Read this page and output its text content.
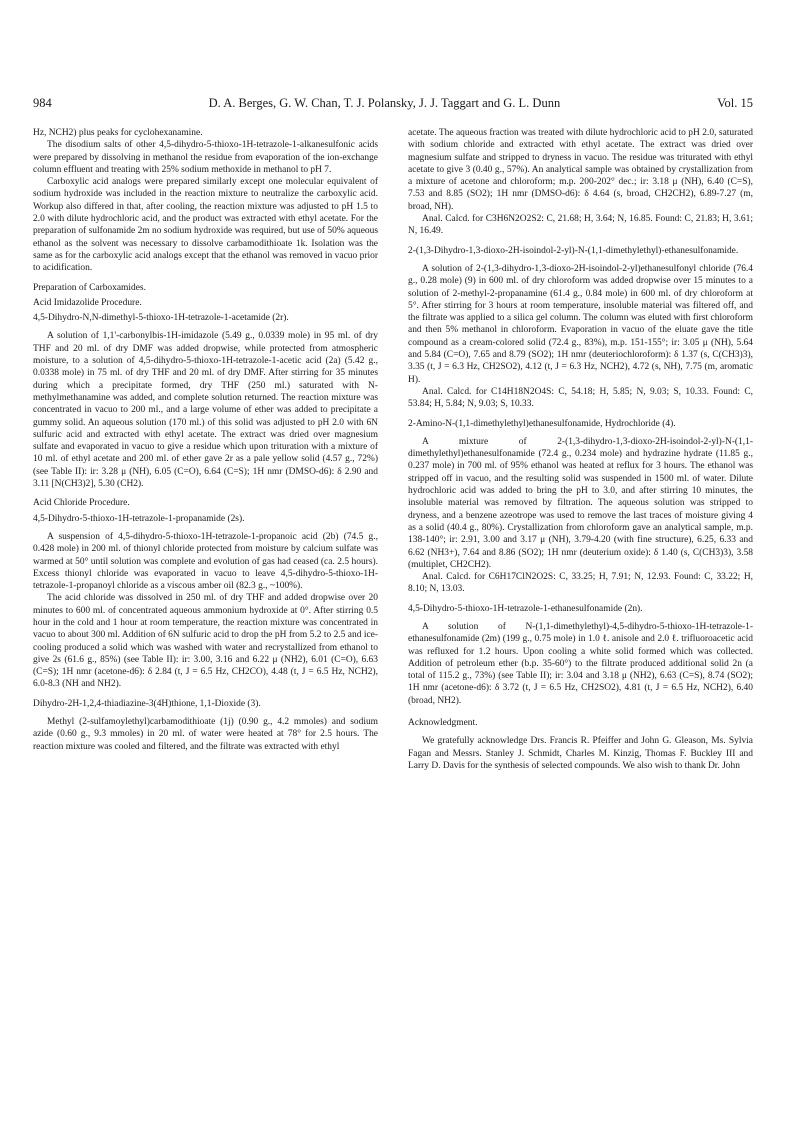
984	D. A. Berges, G. W. Chan, T. J. Polansky, J. J. Taggart and G. L. Dunn	Vol. 15

Hz, NCH2) plus peaks for cyclohexanamine.

The disodium salts of other 4,5-dihydro-5-thioxo-1H-tetrazole-1-alkanesulfonic acids were prepared by dissolving in methanol the residue from evaporation of the ion-exchange column effluent and treating with 25% sodium methoxide in methanol to pH 7.

Carboxylic acid analogs were prepared similarly except one molecular equivalent of sodium hydroxide was included in the reaction mixture to neutralize the carboxylic acid. Workup also differed in that, after cooling, the reaction mixture was adjusted to pH 1.5 to 2.0 with dilute hydrochloric acid, and the product was extracted with ethyl acetate. For the preparation of sulfonamide 2m no sodium hydroxide was required, but use of 50% aqueous ethanol as the solvent was necessary to dissolve carbamodithioate 1k. Isolation was the same as for the carboxylic acid analogs except that the ethanol was removed in vacuo prior to acidification.

Preparation of Carboxamides.

Acid Imidazolide Procedure.

4,5-Dihydro-N,N-dimethyl-5-thioxo-1H-tetrazole-1-acetamide (2r).

A solution of 1,1'-carbonylbis-1H-imidazole (5.49 g., 0.0339 mole) in 95 ml. of dry THF and 20 ml. of dry DMF was added dropwise, while protected from atmospheric moisture, to a solution of 4,5-dihydro-5-thioxo-1H-tetrazole-1-acetic acid (2a) (5.42 g., 0.0338 mole) in 75 ml. of dry THF and 20 ml. of dry DMF. After stirring for 35 minutes during which a precipitate formed, dry THF (250 ml.) saturated with N-methylmethanamine was added, and complete solution returned. The reaction mixture was concentrated in vacuo to 200 ml., and a large volume of ether was added to precipitate a gummy solid. An aqueous solution (170 ml.) of this solid was adjusted to pH 2.0 with 6N sulfuric acid and extracted with ethyl acetate. The extract was dried over magnesium sulfate and evaporated in vacuo to give a residue which upon trituration with a mixture of 10 ml. of ethyl acetate and 200 ml. of ether gave 2r as a pale yellow solid (4.57 g., 72%) (see Table II): ir: 3.28 μ (NH), 6.05 (C=O), 6.64 (C=S); 1H nmr (DMSO-d6): δ 2.90 and 3.11 [N(CH3)2], 5.30 (CH2).

Acid Chloride Procedure.

4,5-Dihydro-5-thioxo-1H-tetrazole-1-propanamide (2s).

A suspension of 4,5-dihydro-5-thioxo-1H-tetrazole-1-propanoic acid (2b) (74.5 g., 0.428 mole) in 200 ml. of thionyl chloride protected from moisture by calcium sulfate was warmed at 50° until solution was complete and evolution of gas had ceased (ca. 2.5 hours). Excess thionyl chloride was evaporated in vacuo to leave 4,5-dihydro-5-thioxo-1H-tetrazole-1-propanoyl chloride as a viscous amber oil (82.3 g., ~100%).

The acid chloride was dissolved in 250 ml. of dry THF and added dropwise over 20 minutes to 600 ml. of concentrated aqueous ammonium hydroxide at 0°. After stirring 0.5 hour in the cold and 1 hour at room temperature, the reaction mixture was concentrated in vacuo to about 300 ml. Addition of 6N sulfuric acid to drop the pH from 5.2 to 2.5 and ice-cooling produced a solid which was washed with water and recrystallized from ethanol to give 2s (61.6 g., 85%) (see Table II): ir: 3.00, 3.16 and 6.22 μ (NH2), 6.01 (C=O), 6.63 (C=S); 1H nmr (acetone-d6): δ 2.84 (t, J = 6.5 Hz, CH2CO), 4.48 (t, J = 6.5 Hz, NCH2), 6.0-8.3 (NH and NH2).

Dihydro-2H-1,2,4-thiadiazine-3(4H)thione, 1,1-Dioxide (3).

Methyl (2-sulfamoylethyl)carbamodithioate (1j) (0.90 g., 4.2 mmoles) and sodium azide (0.60 g., 9.3 mmoles) in 20 ml. of water were heated at 78° for 2.5 hours. The reaction mixture was cooled and filtered, and the filtrate was extracted with ethyl

acetate. The aqueous fraction was treated with dilute hydrochloric acid to pH 2.0, saturated with sodium chloride and extracted with ethyl acetate. The extract was dried over magnesium sulfate and stripped to dryness in vacuo. The residue was triturated with ethyl acetate to give 3 (0.40 g., 57%). An analytical sample was obtained by crystallization from a mixture of acetone and chloroform; m.p. 200-202° dec.; ir: 3.18 μ (NH), 6.40 (C=S), 7.53 and 8.85 (SO2); 1H nmr (DMSO-d6): δ 4.64 (s, broad, CH2CH2), 6.89-7.27 (m, broad, NH).

Anal. Calcd. for C3H6N2O2S2: C, 21.68; H, 3.64; N, 16.85. Found: C, 21.83; H, 3.61; N, 16.49.

2-(1,3-Dihydro-1,3-dioxo-2H-isoindol-2-yl)-N-(1,1-dimethylethyl)-ethanesulfonamide.

A solution of 2-(1,3-dihydro-1,3-dioxo-2H-isoindol-2-yl)ethanesulfonyl chloride (76.4 g., 0.28 mole) (9) in 600 ml. of dry chloroform was added dropwise over 15 minutes to a solution of 2-methyl-2-propanamine (61.4 g., 0.84 mole) in 600 ml. of dry chloroform at 5°. After stirring for 3 hours at room temperature, insoluble material was filtered off, and the filtrate was applied to a silica gel column. The column was eluted with first chloroform and then 5% methanol in chloroform. Evaporation in vacuo of the eluate gave the title compound as a cream-colored solid (72.4 g., 83%), m.p. 151-155°; ir: 3.05 μ (NH), 5.64 and 5.84 (C=O), 7.65 and 8.79 (SO2); 1H nmr (deuteriochloroform): δ 1.37 (s, C(CH3)3), 3.35 (t, J = 6.3 Hz, CH2SO2), 4.12 (t, J = 6.3 Hz, NCH2), 4.72 (s, NH), 7.75 (m, aromatic H).

Anal. Calcd. for C14H18N2O4S: C, 54.18; H, 5.85; N, 9.03; S, 10.33. Found: C, 53.84; H, 5.84; N, 9.03; S, 10.33.

2-Amino-N-(1,1-dimethylethyl)ethanesulfonamide, Hydrochloride (4).

A mixture of 2-(1,3-dihydro-1,3-dioxo-2H-isoindol-2-yl)-N-(1,1-dimethylethyl)ethanesulfonamide (72.4 g., 0.234 mole) and hydrazine hydrate (11.85 g., 0.237 mole) in 700 ml. of 95% ethanol was heated at reflux for 3 hours. The ethanol was stripped off in vacuo, and the resulting solid was suspended in 1500 ml. of water. Dilute hydrochloric acid was added to bring the pH to 3.0, and after stirring 10 minutes, the insoluble material was removed by filtration. The aqueous solution was stripped to dryness, and a benzene azeotrope was used to remove the last traces of moisture giving 4 as a solid (40.4 g., 80%). Crystallization from chloroform gave an analytical sample, m.p. 138-140°; ir: 2.91, 3.00 and 3.17 μ (NH), 3.79-4.20 (with fine structure), 6.25, 6.33 and 6.62 (NH3+), 7.64 and 8.86 (SO2); 1H nmr (deuterium oxide): δ 1.40 (s, C(CH3)3), 3.58 (multiplet, CH2CH2).

Anal. Calcd. for C6H17ClN2O2S: C, 33.25; H, 7.91; N, 12.93. Found: C, 33.22; H, 8.10; N, 13.03.

4,5-Dihydro-5-thioxo-1H-tetrazole-1-ethanesulfonamide (2n).

A solution of N-(1,1-dimethylethyl)-4,5-dihydro-5-thioxo-1H-tetrazole-1-ethanesulfonamide (2m) (199 g., 0.75 mole) in 1.0 ℓ. anisole and 2.0 ℓ. trifluoroacetic acid was refluxed for 1.2 hours. Upon cooling a white solid formed which was collected. Addition of petroleum ether (b.p. 35-60°) to the filtrate produced additional solid 2n (a total of 115.2 g., 73%) (see Table II); ir: 3.04 and 3.18 μ (NH2), 6.63 (C=S), 8.74 (SO2); 1H nmr (acetone-d6): δ 3.72 (t, J = 6.5 Hz, CH2SO2), 4.81 (t, J = 6.5 Hz, NCH2), 6.40 (broad, NH2).

Acknowledgment.

We gratefully acknowledge Drs. Francis R. Pfeiffer and John G. Gleason, Ms. Sylvia Fagan and Messrs. Stanley J. Schmidt, Charles M. Kinzig, Thomas F. Buckley III and Larry D. Davis for the synthesis of selected compounds. We also wish to thank Dr. John
